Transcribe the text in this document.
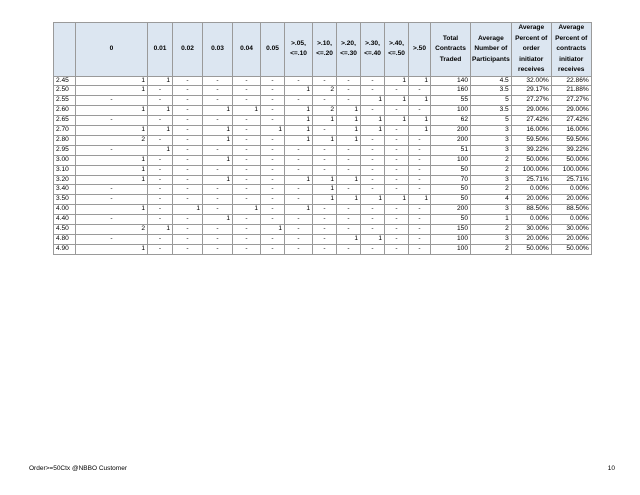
	0	0.01	0.02	0.03	0.04	0.05	>.05, <=.10	>.10, <=.20	>.20, <=.30	>.30, <=.40	>.40, <=.50	>.50	Total Contracts Traded	Average Number of Participants	Average Percent of order initiator receives	Average Percent of contracts initiator receives
2.45	1	1	-	-	-	-	-	-	-	-	1	1	140	4.5	32.00%	22.86%
2.50	1	-	-	-	-	-	1	2	-	-	-	-	160	3.5	29.17%	21.88%
2.55	-	-	-	-	-	-	-	-	-	1	1	1	55	5	27.27%	27.27%
2.60	1	1	-	1	1	-	1	2	1	-	-	-	100	3.5	29.00%	29.00%
2.65	-	-	-	-	-	-	1	1	1	1	1	1	62	5	27.42%	27.42%
2.70	1	1	-	1	-	1	1	-	1	1	-	1	200	3	16.00%	16.00%
2.80	2	-	-	1	-	-	1	1	1	-	-	-	200	3	59.50%	59.50%
2.95	-	1	-	-	-	-	-	-	-	-	-	-	51	3	39.22%	39.22%
3.00	1	-	-	1	-	-	-	-	-	-	-	-	100	2	50.00%	50.00%
3.10	1	-	-	-	-	-	-	-	-	-	-	-	50	2	100.00%	100.00%
3.20	1	-	-	1	-	-	1	1	1	-	-	-	70	3	25.71%	25.71%
3.40	-	-	-	-	-	-	-	1	-	-	-	-	50	2	0.00%	0.00%
3.50	-	-	-	-	-	-	-	1	1	1	1	1	50	4	20.00%	20.00%
4.00	1	-	1	-	1	-	1	-	-	-	-	-	200	3	88.50%	88.50%
4.40	-	-	-	1	-	-	-	-	-	-	-	-	50	1	0.00%	0.00%
4.50	2	1	-	-	-	1	-	-	-	-	-	-	150	2	30.00%	30.00%
4.80	-	-	-	-	-	-	-	-	1	1	-	-	100	3	20.00%	20.00%
4.90	1	-	-	-	-	-	-	-	-	-	-	-	100	2	50.00%	50.00%
Order>=50Ctx @NBBO Customer	10
